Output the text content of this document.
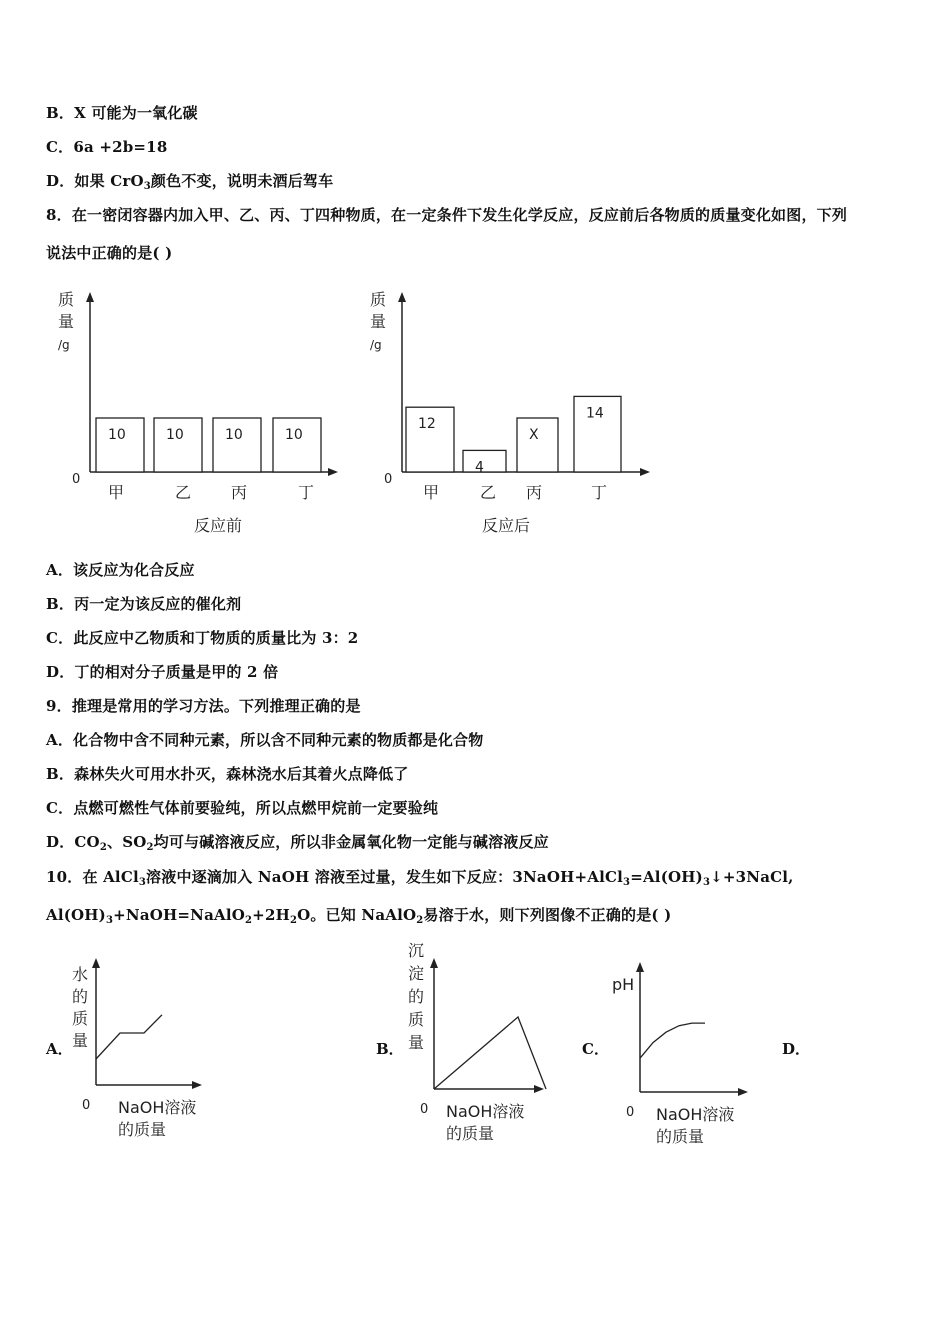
B．X 可能为一氧化碳
C．6a +2b=18
D．如果 CrO$_3$颜色不变，说明未酒后驾车
8．在一密闭容器内加入甲、乙、丙、丁四种物质，在一定条件下发生化学反应，反应前后各物质的质量变化如图，下列
说法中正确的是( )
质
量
/g
0
10
甲
10
乙
10
丙
10
丁
反应前
质
量
/g
0
12
甲
4
乙
X
丙
14
丁
反应后
A．该反应为化合反应
B．丙一定为该反应的催化剂
C．此反应中乙物质和丁物质的质量比为 3：2
D．丁的相对分子质量是甲的 2 倍
9．推理是常用的学习方法。下列推理正确的是
A．化合物中含不同种元素，所以含不同种元素的物质都是化合物
B．森林失火可用水扑灭，森林浇水后其着火点降低了
C．点燃可燃性气体前要验纯，所以点燃甲烷前一定要验纯
D．$CO_2$、$SO_2$均可与碱溶液反应，所以非金属氧化物一定能与碱溶液反应
10．在 AlCl$_3$溶液中逐滴加入 NaOH 溶液至过量，发生如下反应：$3NaOH+AlCl_3=Al(OH)_3↓+3NaCl$,
$Al(OH)_3+NaOH=NaAlO_2+2H_2O$。已知 NaAlO$_2$易溶于水，则下列图像不正确的是( )
A．	B．	C．	D．
水
的
质
量
0 NaOH溶液
的质量
沉
淀
的
质
量
0 NaOH溶液
的质量
pH
0 NaOH溶液
的质量
